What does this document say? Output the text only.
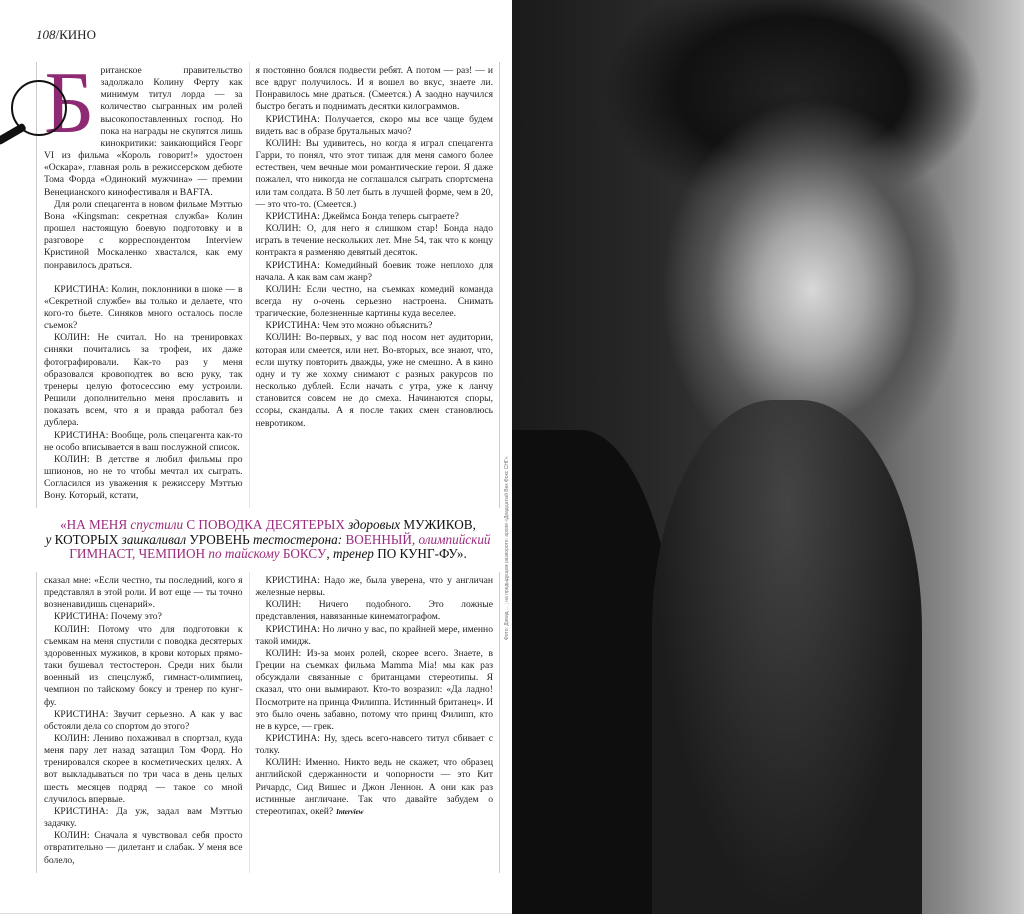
108/КИНО

Британское правительство задолжало Колину Ферту как минимум титул лорда — за количество сыгранных им ролей высокопоставленных господ. Но пока на награды не скупятся лишь кинокритики: заикающийся Георг VI из фильма «Король говорит!» удостоен «Оскара», главная роль в режиссерском дебюте Тома Форда «Одинокий мужчина» — премии Венецианского кинофестиваля и BAFTA.

Для роли спецагента в новом фильме Мэттью Вона «Kingsman: секретная служба» Колин прошел настоящую боевую подготовку и в разговоре с корреспондентом Interview Кристиной Москаленко хвастался, как ему понравилось драться.

КРИСТИНА: Колин, поклонники в шоке — в «Секретной службе» вы только и делаете, что кого-то бьете. Синяков много осталось после съемок?

КОЛИН: Не считал. Но на тренировках синяки почитались за трофеи, их даже фотографировали. Как-то раз у меня образовался кровоподтек во всю руку, так тренеры целую фотосессию ему устроили. Решили дополнительно меня прославить и показать всем, что я и правда работал без дублера.

КРИСТИНА: Вообще, роль спецагента как-то не особо вписывается в ваш послужной список.

КОЛИН: В детстве я любил фильмы про шпионов, но не то чтобы мечтал их сыграть. Согласился из уважения к режиссеру Мэттью Вону. Который, кстати,

я постоянно боялся подвести ребят. А потом — раз! — и все вдруг получилось. И я вошел во вкус, знаете ли. Понравилось мне драться. (Смеется.) А заодно научился быстро бегать и поднимать десятки килограммов.

КРИСТИНА: Получается, скоро мы все чаще будем видеть вас в образе брутальных мачо?

КОЛИН: Вы удивитесь, но когда я играл спецагента Гарри, то понял, что этот типаж для меня самого более естествен, чем вечные мои романтические герои. Я даже пожалел, что никогда не соглашался сыграть спортсмена или там солдата. В 50 лет быть в лучшей форме, чем в 20, — это что-то. (Смеется.)

КРИСТИНА: Джеймса Бонда теперь сыграете?

КОЛИН: О, для него я слишком стар! Бонда надо играть в течение нескольких лет. Мне 54, так что к концу контракта я разменяю девятый десяток.

КРИСТИНА: Комедийный боевик тоже неплохо для начала. А как вам сам жанр?

КОЛИН: Если честно, на съемках комедий команда всегда ну о-очень серьезно настроена. Снимать трагические, болезненные картины куда веселее.

КРИСТИНА: Чем это можно объяснить?

КОЛИН: Во-первых, у вас под носом нет аудитории, которая или смеется, или нет. Во-вторых, все знают, что, если шутку повторить дважды, уже не смешно. А в кино одну и ту же хохму снимают с разных ракурсов по несколько дублей. Если начать с утра, уже к ланчу становится совсем не до смеха. Начинаются споры, ссоры, скандалы. А я после таких смен становлюсь невротиком.

«НА МЕНЯ спустили С ПОВОДКА ДЕСЯТЕРЫХ здоровых МУЖИКОВ,
у КОТОРЫХ зашкаливал УРОВЕНЬ тестостерона: ВОЕННЫЙ, олимпийский
ГИМНАСТ, ЧЕМПИОН по тайскому БОКСУ, тренер ПО КУНГ-ФУ».

сказал мне: «Если честно, ты последний, кого я представлял в этой роли. И вот еще — ты точно возненавидишь сценарий».

КРИСТИНА: Почему это?

КОЛИН: Потому что для подготовки к съемкам на меня спустили с поводка десятерых здоровенных мужиков, в крови которых прямо-таки бушевал тестостерон. Среди них были военный из спецслужб, гимнаст-олимпиец, чемпион по тайскому боксу и тренер по кунг-фу.

КРИСТИНА: Звучит серьезно. А как у вас обстояли дела со спортом до этого?

КОЛИН: Лениво похаживал в спортзал, куда меня пару лет назад затащил Том Форд. Но тренировался скорее в косметических целях. А вот выкладываться по три часа в день целых шесть месяцев подряд — такое со мной случилось впервые.

КРИСТИНА: Да уж, задал вам Мэттью задачку.

КОЛИН: Сначала я чувствовал себя просто отвратительно — дилетант и слабак. У меня все болело,

КРИСТИНА: Надо же, была уверена, что у англичан железные нервы.

КОЛИН: Ничего подобного. Это ложные представления, навязанные кинематографом.

КРИСТИНА: Но лично у вас, по крайней мере, именно такой имидж.

КОЛИН: Из-за моих ролей, скорее всего. Знаете, в Греции на съемках фильма Mamma Mia! мы как раз обсуждали связанные с британцами стереотипы. Я сказал, что они вымирают. Кто-то возразил: «Да ладно! Посмотрите на принца Филиппа. Истинный британец». И это было очень забавно, потому что принц Филипп, кто не в курсе, — грек.

КРИСТИНА: Ну, здесь всего-навсего титул сбивает с толку.

КОЛИН: Именно. Никто ведь не скажет, что образец английской сдержанности и чопорности — это Кит Ричардс, Сид Вишес и Джон Леннон. А они как раз истинные англичане. Так что давайте забудем о стереотипах, окей? Interview

Фото: Дэвид ... ; на предыдущем развороте: архив «Двадцатый Век Фокс СНГ».
